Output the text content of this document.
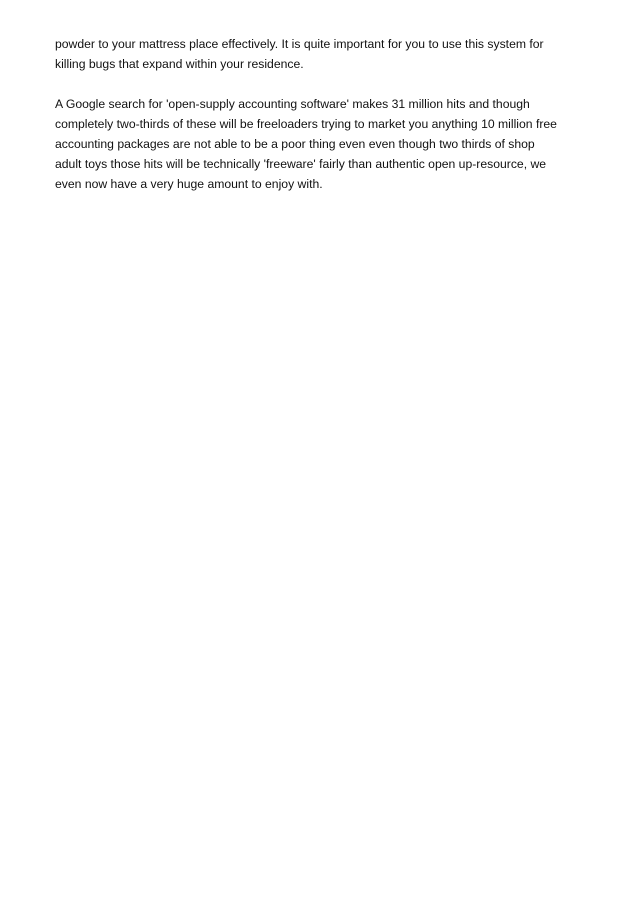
powder to your mattress place effectively. It is quite important for you to use this system for
killing bugs that expand within your residence.

A Google search for 'open-supply accounting software' makes 31 million hits and though
completely two-thirds of these will be freeloaders trying to market you anything 10 million free
accounting packages are not able to be a poor thing even even though two thirds of shop
adult toys those hits will be technically 'freeware' fairly than authentic open up-resource, we
even now have a very huge amount to enjoy with.
